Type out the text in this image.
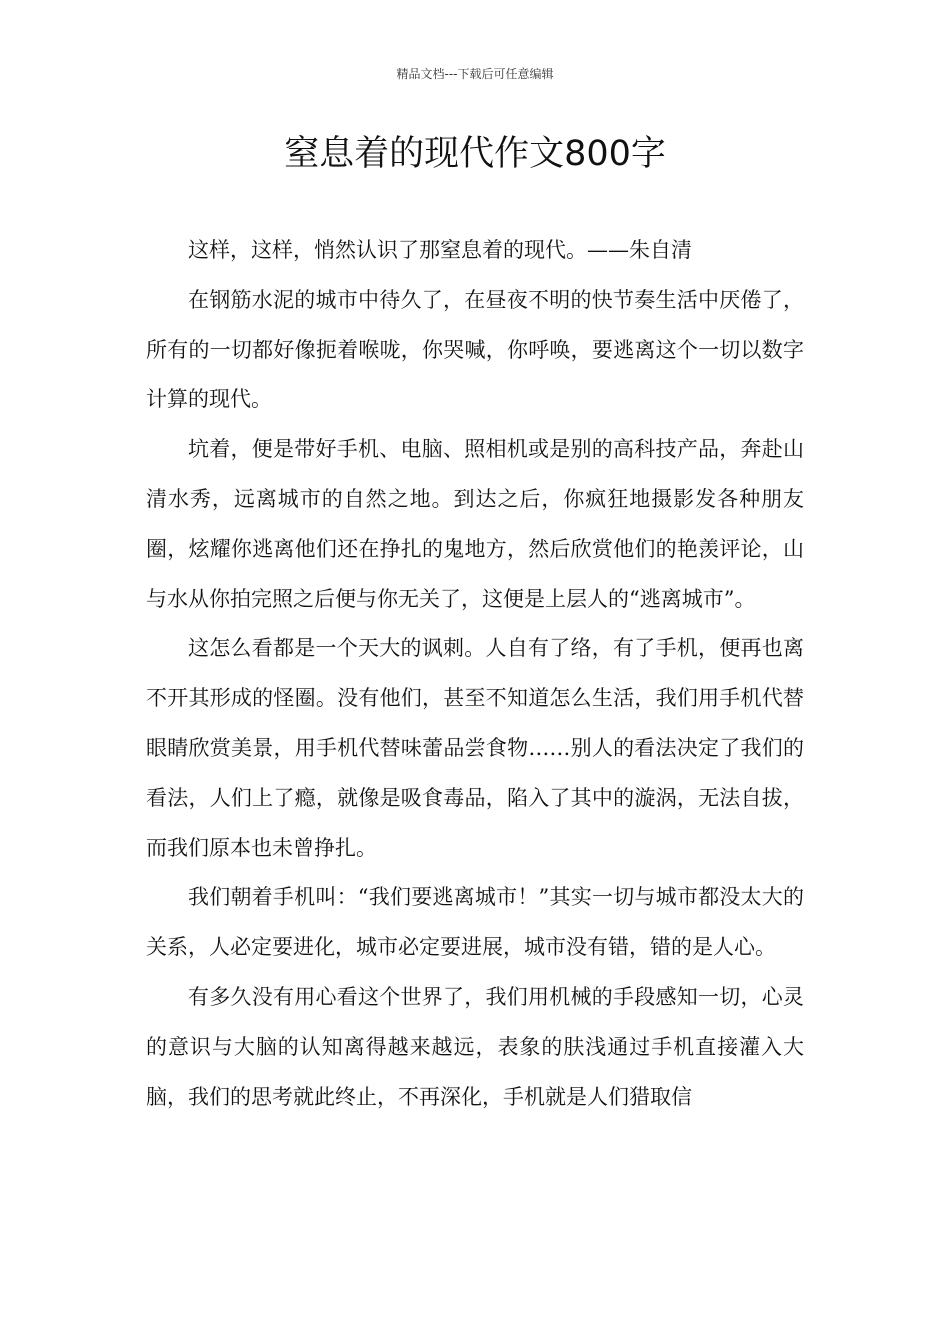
精品文档---下载后可任意编辑
窒息着的现代作文800字

这样，这样，悄然认识了那窒息着的现代。——朱自清

在钢筋水泥的城市中待久了，在昼夜不明的快节奏生活中厌倦了，所有的一切都好像扼着喉咙，你哭喊，你呼唤，要逃离这个一切以数字计算的现代。

坑着，便是带好手机、电脑、照相机或是别的高科技产品，奔赴山清水秀，远离城市的自然之地。到达之后，你疯狂地摄影发各种朋友圈，炫耀你逃离他们还在挣扎的鬼地方，然后欣赏他们的艳羡评论，山与水从你拍完照之后便与你无关了，这便是上层人的“逃离城市”。

这怎么看都是一个天大的讽刺。人自有了络，有了手机，便再也离不开其形成的怪圈。没有他们，甚至不知道怎么生活，我们用手机代替眼睛欣赏美景，用手机代替味蕾品尝食物……别人的看法决定了我们的看法，人们上了瘾，就像是吸食毒品，陷入了其中的漩涡，无法自拔，而我们原本也未曾挣扎。

我们朝着手机叫：“我们要逃离城市！”其实一切与城市都没太大的关系，人必定要进化，城市必定要进展，城市没有错，错的是人心。

有多久没有用心看这个世界了，我们用机械的手段感知一切，心灵的意识与大脑的认知离得越来越远，表象的肤浅通过手机直接灌入大脑，我们的思考就此终止，不再深化，手机就是人们猎取信
